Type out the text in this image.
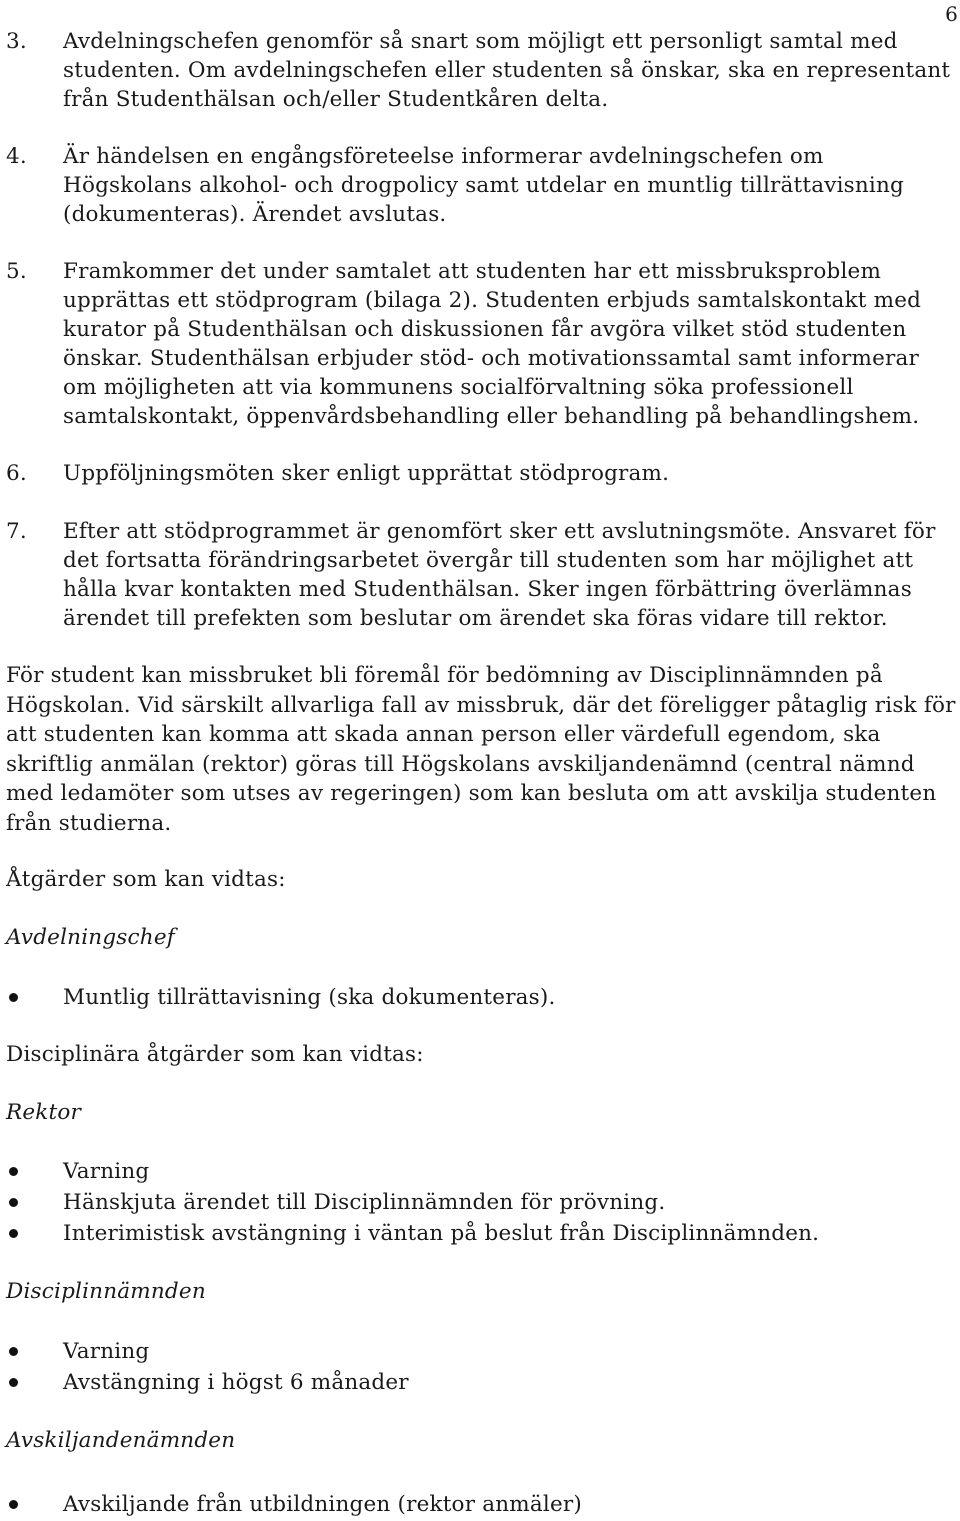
6
3.	Avdelningschefen genomför så snart som möjligt ett personligt samtal med studenten. Om avdelningschefen eller studenten så önskar, ska en representant från Studenthälsan och/eller Studentkåren delta.
4.	Är händelsen en engångsföreteelse informerar avdelningschefen om Högskolans alkohol- och drogpolicy samt utdelar en muntlig tillrättavisning (dokumenteras). Ärendet avslutas.
5.	Framkommer det under samtalet att studenten har ett missbruksproblem upprättas ett stödprogram (bilaga 2). Studenten erbjuds samtalskontakt med kurator på Studenthälsan och diskussionen får avgöra vilket stöd studenten önskar. Studenthälsan erbjuder stöd- och motivationssamtal samt informerar om möjligheten att via kommunens socialförvaltning söka professionell samtalskontakt, öppenvårdsbehandling eller behandling på behandlingshem.
6.	Uppföljningsmöten sker enligt upprättat stödprogram.
7.	Efter att stödprogrammet är genomfört sker ett avslutningsmöte. Ansvaret för det fortsatta förändringsarbetet övergår till studenten som har möjlighet att hålla kvar kontakten med Studenthälsan. Sker ingen förbättring överlämnas ärendet till prefekten som beslutar om ärendet ska föras vidare till rektor.
För student kan missbruket bli föremål för bedömning av Disciplinnämnden på Högskolan. Vid särskilt allvarliga fall av missbruk, där det föreligger påtaglig risk för att studenten kan komma att skada annan person eller värdefull egendom, ska skriftlig anmälan (rektor) göras till Högskolans avskiljandenämnd (central nämnd med ledamöter som utses av regeringen) som kan besluta om att avskilja studenten från studierna.
Åtgärder som kan vidtas:
Avdelningschef
Muntlig tillrättavisning (ska dokumenteras).
Disciplinära åtgärder som kan vidtas:
Rektor
Varning
Hänskjuta ärendet till Disciplinnämnden för prövning.
Interimistisk avstängning i väntan på beslut från Disciplinnämnden.
Disciplinnämnden
Varning
Avstängning i högst 6 månader
Avskiljandenämnden
Avskiljande från utbildningen (rektor anmäler)
